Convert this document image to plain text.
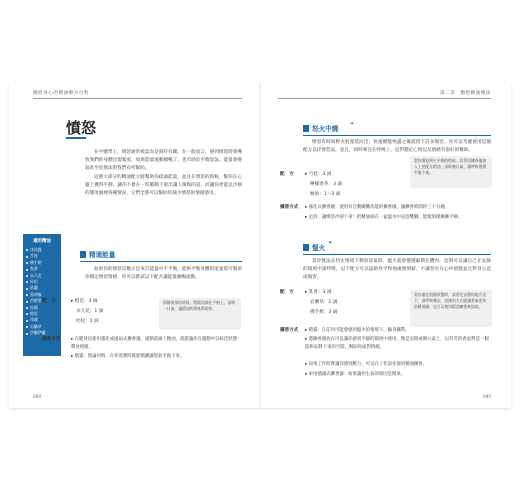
撫慰身心的精油療方百科
憤怒

在中醫學上，憤怒通常被認為是與肝有關。在一般而言，感到憤怒時會導致我們的身體出現緊張，如果能量流動順暢了，也有助於平衡怒氣。能量會變弱甚至於無法對我們有所幫助。

這裡大部分的精油配方將幫助你疏通能量，並且在憤怒的時候，幫你在心靈上獲得平靜，讓你不會在一時衝動下說出讓人後悔的話，而讓你更能以冷靜的態度處理各種情況，它們全都可以幫助你減少憤怒的情緒感受。

適用精油
沐浴露
月桂
佛手柑
乳香
永久花
杜松
依蘭
黑胡椒
苦橙葉
杜鵑
橙花
玫瑰
岩蘭草
伊蘭伊蘭
精通能量

如果你的憤怒反應正是來自能量中不平衡，能夠平衡身體的能量將可幫助你穩定憤怒情緒，你可以嘗試以下配方讓能量順暢流動。

配　方	▸ 橙花：3 滴
永久花：1 滴
杜松：1 滴
情緒低落的時候，將精油滴在手帕上，深吸一口氣，讓精油的香味幫助你。
擴香方式 ▸ 在健身房使用霧化或風扇式擴香儀，運動前滴上精油，就能讓你在運動中以較佳狀態釋放情緒。
▸ 噴霧：無論何時，在你需要時就能噴灑讓怒氣平復下來。
094
第二章　撫慰精油療法
怒火中燒
✦

憤怒有時如野火般蔓延而出，快速燃燒殆盡之後就留下許多傷害。你可以考慮使用這個配方以抒發怒氣，並且，同時專注在呼吸上，這對穩定心情以及情緒有很好的幫助。

配　方 ▸ 月桂：3 滴
檸檬香茅：3 滴
極仙：1～3 滴
當你憤怒到火中燒的時候，試著用擴香儀加入上述配方精油，深吸幾口氣，讓呼吸慢慢平復下來。
擴香方式 ▸ 霧化式擴香儀：使用有自動關機功能的擴香儀，讓擴香時間約三十分鐘。
▸ 足浴：讓憤怒冷卻下來！把精油滴在一盆溫水中浸泡雙腳，能使情緒漸漸平靜。
慍火
✦

當你無法在特定情境下釋放怒氣時，慍火就會慢慢累積在體內，這時可以讓自己在安靜的環境中深呼吸，以下配方可以協助你平和地處理情緒，不讓怒火在心中悶燒並且對身心造成傷害。

配　方 ▸ 乳香：3 滴
岩蘭草：1 滴
佛手柑：3 滴
當你處在悶燒狀態時，試著在安靜的地方坐下，深呼吸幾次，這樣的方式能讓香氣更快舒緩情緒，也可以使用精油擴香來協助。
擴香方式 ▸ 噴霧：在任何可能會感到慍火的情境下，隨身攜帶。
▸ 將擴香儀放在可以讓你感到平靜的環境中使用，像是房間或辦公桌上，以芬芳的香氣營造一個能夠安靜下來的空間，幫助你面對情緒。
▸ 如果工作時會讓你感到壓力，可以在工作前先使用精油擴香。
▸ 車用插頭式擴香器：如果讓你生氣的原因是開車。
095
